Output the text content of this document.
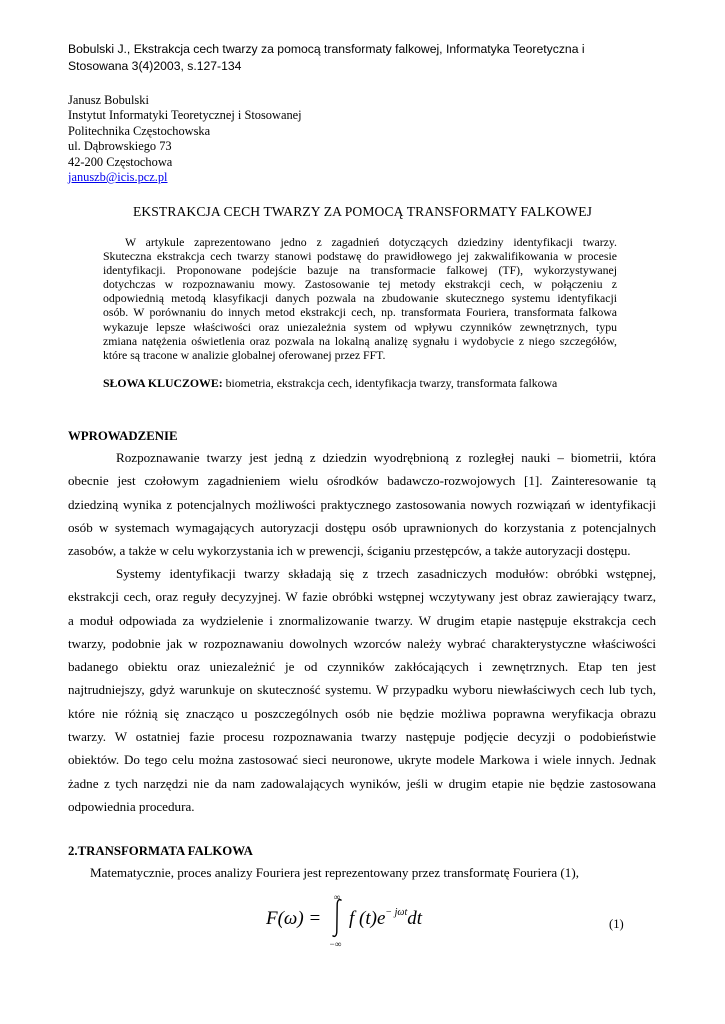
Bobulski J., Ekstrakcja cech twarzy za pomocą transformaty falkowej, Informatyka Teoretyczna i
Stosowana 3(4)2003, s.127-134
Janusz Bobulski
Instytut Informatyki Teoretycznej i Stosowanej
Politechnika Częstochowska
ul. Dąbrowskiego 73
42-200 Częstochowa
januszb@icis.pcz.pl
EKSTRAKCJA CECH TWARZY ZA POMOCĄ TRANSFORMATY FALKOWEJ
W artykule zaprezentowano jedno z zagadnień dotyczących dziedziny identyfikacji twarzy.
Skuteczna ekstrakcja cech twarzy stanowi podstawę do prawidłowego jej zakwalifikowania w procesie
identyfikacji. Proponowane podejście bazuje na transformacie falkowej (TF), wykorzystywanej
dotychczas w rozpoznawaniu mowy. Zastosowanie tej metody ekstrakcji cech, w połączeniu z
odpowiednią metodą klasyfikacji danych pozwala na zbudowanie skutecznego systemu identyfikacji
osób. W porównaniu do innych metod ekstrakcji cech, np. transformata Fouriera, transformata falkowa
wykazuje lepsze właściwości oraz uniezależnia system od wpływu czynników zewnętrznych, typu
zmiana natężenia oświetlenia oraz pozwala na lokalną analizę sygnału i wydobycie z niego szczegółów,
które są tracone w analizie globalnej oferowanej przez FFT.
SŁOWA KLUCZOWE: biometria, ekstrakcja cech, identyfikacja twarzy, transformata falkowa
WPROWADZENIE
Rozpoznawanie twarzy jest jedną z dziedzin wyodrębnioną z rozległej nauki – biometrii, która
obecnie jest czołowym zagadnieniem wielu ośrodków badawczo-rozwojowych [1]. Zainteresowanie tą
dziedziną wynika z potencjalnych możliwości praktycznego zastosowania nowych rozwiązań w identyfikacji
osób w systemach wymagających autoryzacji dostępu osób uprawnionych do korzystania z potencjalnych
zasobów, a także w celu wykorzystania ich w prewencji, ściganiu przestępców, a także autoryzacji dostępu.
Systemy identyfikacji twarzy składają się z trzech zasadniczych modułów: obróbki wstępnej,
ekstrakcji cech, oraz reguły decyzyjnej. W fazie obróbki wstępnej wczytywany jest obraz zawierający twarz,
a moduł odpowiada za wydzielenie i znormalizowanie twarzy. W drugim etapie następuje ekstrakcja cech
twarzy, podobnie jak w rozpoznawaniu dowolnych wzorców należy wybrać charakterystyczne właściwości
badanego obiektu oraz uniezależnić je od czynników zakłócających i zewnętrznych. Etap ten jest
najtrudniejszy, gdyż warunkuje on skuteczność systemu. W przypadku wyboru niewłaściwych cech lub tych,
które nie różnią się znacząco u poszczególnych osób nie będzie możliwa poprawna weryfikacja obrazu
twarzy. W ostatniej fazie procesu rozpoznawania twarzy następuje podjęcie decyzji o podobieństwie
obiektów. Do tego celu można zastosować sieci neuronowe, ukryte modele Markowa i wiele innych. Jednak
żadne z tych narzędzi nie da nam zadowalających wyników, jeśli w drugim etapie nie będzie zastosowana
odpowiednia procedura.
2.TRANSFORMATA FALKOWA
Matematycznie, proces analizy Fouriera jest reprezentowany przez transformatę Fouriera (1),
F(ω) =
∞
−∞
f $(t)e^{- j\omega t}dt$	(1)
